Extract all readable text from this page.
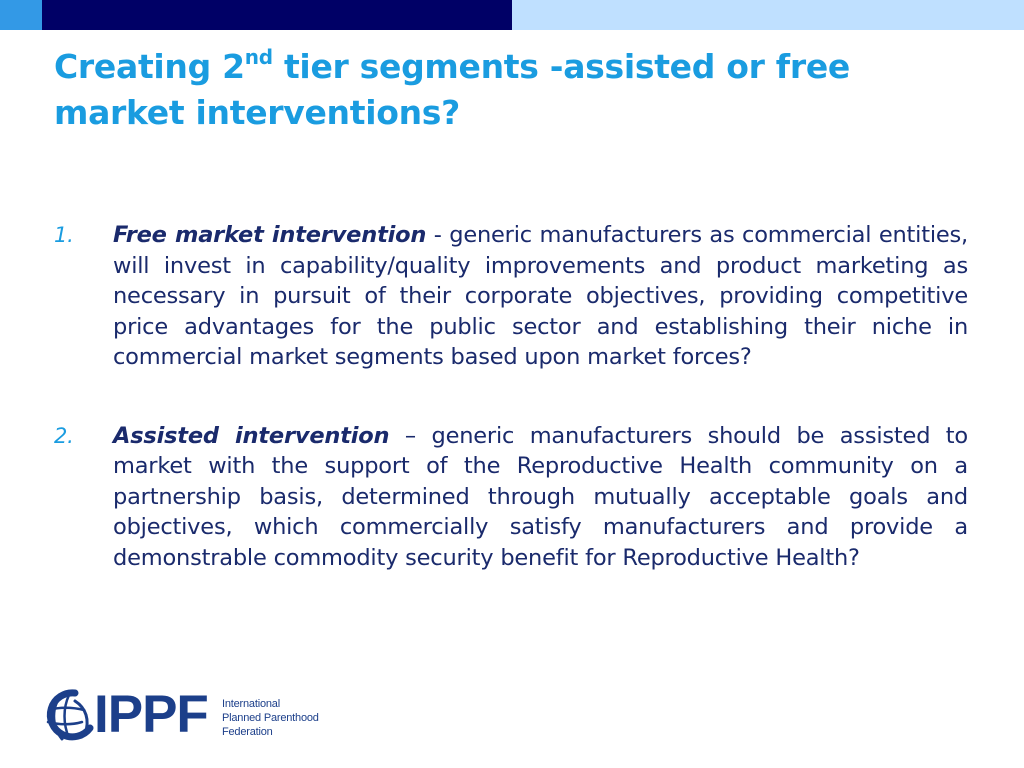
Creating 2nd tier segments -assisted or free market interventions?
1. Free market intervention - generic manufacturers as commercial entities, will invest in capability/quality improvements and product marketing as necessary in pursuit of their corporate objectives, providing competitive price advantages for the public sector and establishing their niche in commercial market segments based upon market forces?
2. Assisted intervention – generic manufacturers should be assisted to market with the support of the Reproductive Health community on a partnership basis, determined through mutually acceptable goals and objectives, which commercially satisfy manufacturers and provide a demonstrable commodity security benefit for Reproductive Health?
IPPF International
Planned Parenthood
Federation
